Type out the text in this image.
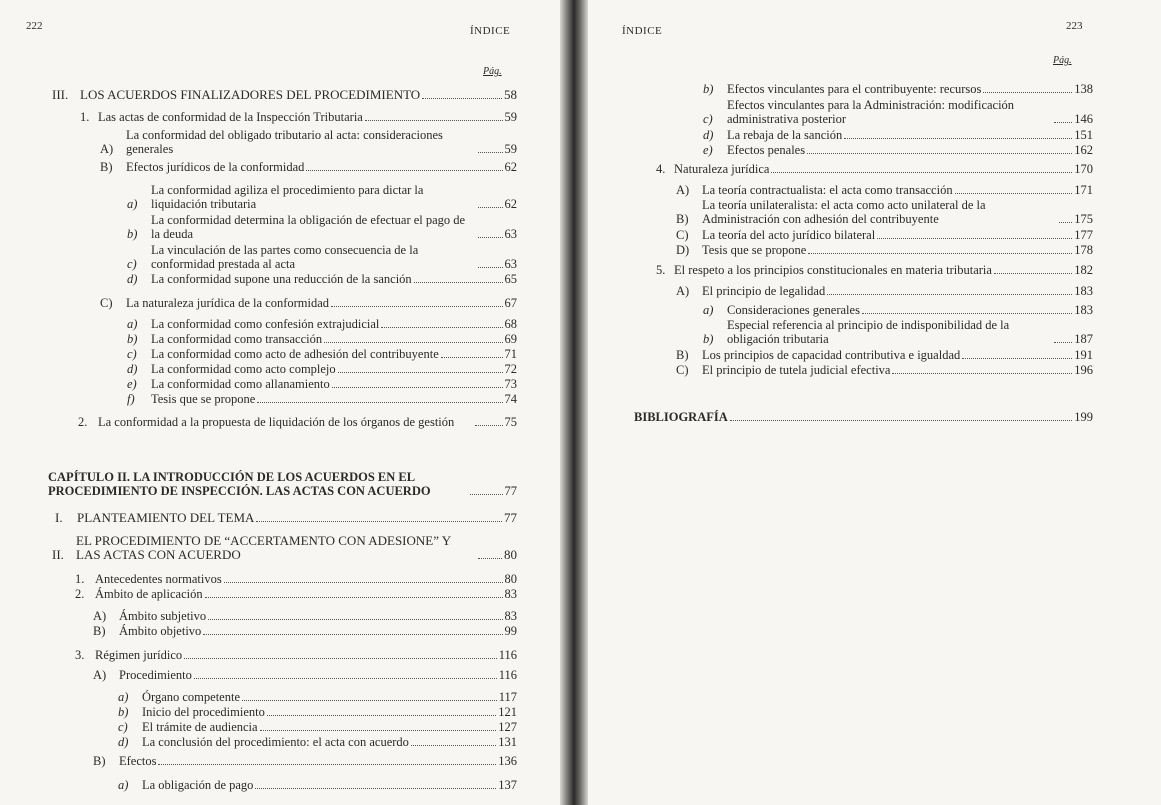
222	ÍNDICE
Pág.
III. LOS ACUERDOS FINALIZADORES DEL PROCEDIMIENTO	58
1. Las actas de conformidad de la Inspección Tributaria	59
A)
La conformidad del obligado tributario al acta: consideraciones generales	59
B)	Efectos jurídicos de la conformidad	62
a)
La conformidad agiliza el procedimiento para dictar la liquidación tributaria	62
b)
La conformidad determina la obligación de efectuar el pago de la deuda	63
c)
La vinculación de las partes como consecuencia de la conformidad prestada al acta	63
d)	La conformidad supone una reducción de la sanción	65
C)	La naturaleza jurídica de la conformidad	67
a)	La conformidad como confesión extrajudicial	68
b)	La conformidad como transacción	69
c)	La conformidad como acto de adhesión del contribuyente	71
d)	La conformidad como acto complejo	72
e)	La conformidad como allanamiento	73
f)	Tesis que se propone	74
2. La conformidad a la propuesta de liquidación de los órganos de gestión	75
CAPÍTULO II. LA INTRODUCCIÓN DE LOS ACUERDOS EN EL PROCEDIMIENTO DE INSPECCIÓN. LAS ACTAS CON ACUERDO	77
I.	PLANTEAMIENTO DEL TEMA	77
II.
EL PROCEDIMIENTO DE “ACCERTAMENTO CON ADESIONE” Y LAS ACTAS CON ACUERDO	80
1. Antecedentes normativos	80
2. Ámbito de aplicación	83
A)	Ámbito subjetivo	83
B)	Ámbito objetivo	99
3. Régimen jurídico	116
A)	Procedimiento	116
a)	Órgano competente	117
b)	Inicio del procedimiento	121
c)	El trámite de audiencia	127
d)	La conclusión del procedimiento: el acta con acuerdo	131
B)	Efectos	136
a)	La obligación de pago	137
ÍNDICE	223
Pág.
b)	Efectos vinculantes para el contribuyente: recursos	138
c)
Efectos vinculantes para la Administración: modificación administrativa posterior	146
d)	La rebaja de la sanción	151
e)	Efectos penales	162
4. Naturaleza jurídica	170
A)	La teoría contractualista: el acta como transacción	171
B)
La teoría unilateralista: el acta como acto unilateral de la Administración con adhesión del contribuyente	175
C)	La teoría del acto jurídico bilateral	177
D)	Tesis que se propone	178
5. El respeto a los principios constitucionales en materia tributaria	182
A)	El principio de legalidad	183
a)	Consideraciones generales	183
b)
Especial referencia al principio de indisponibilidad de la obligación tributaria	187
B)	Los principios de capacidad contributiva e igualdad	191
C)	El principio de tutela judicial efectiva	196
BIBLIOGRAFÍA	199
